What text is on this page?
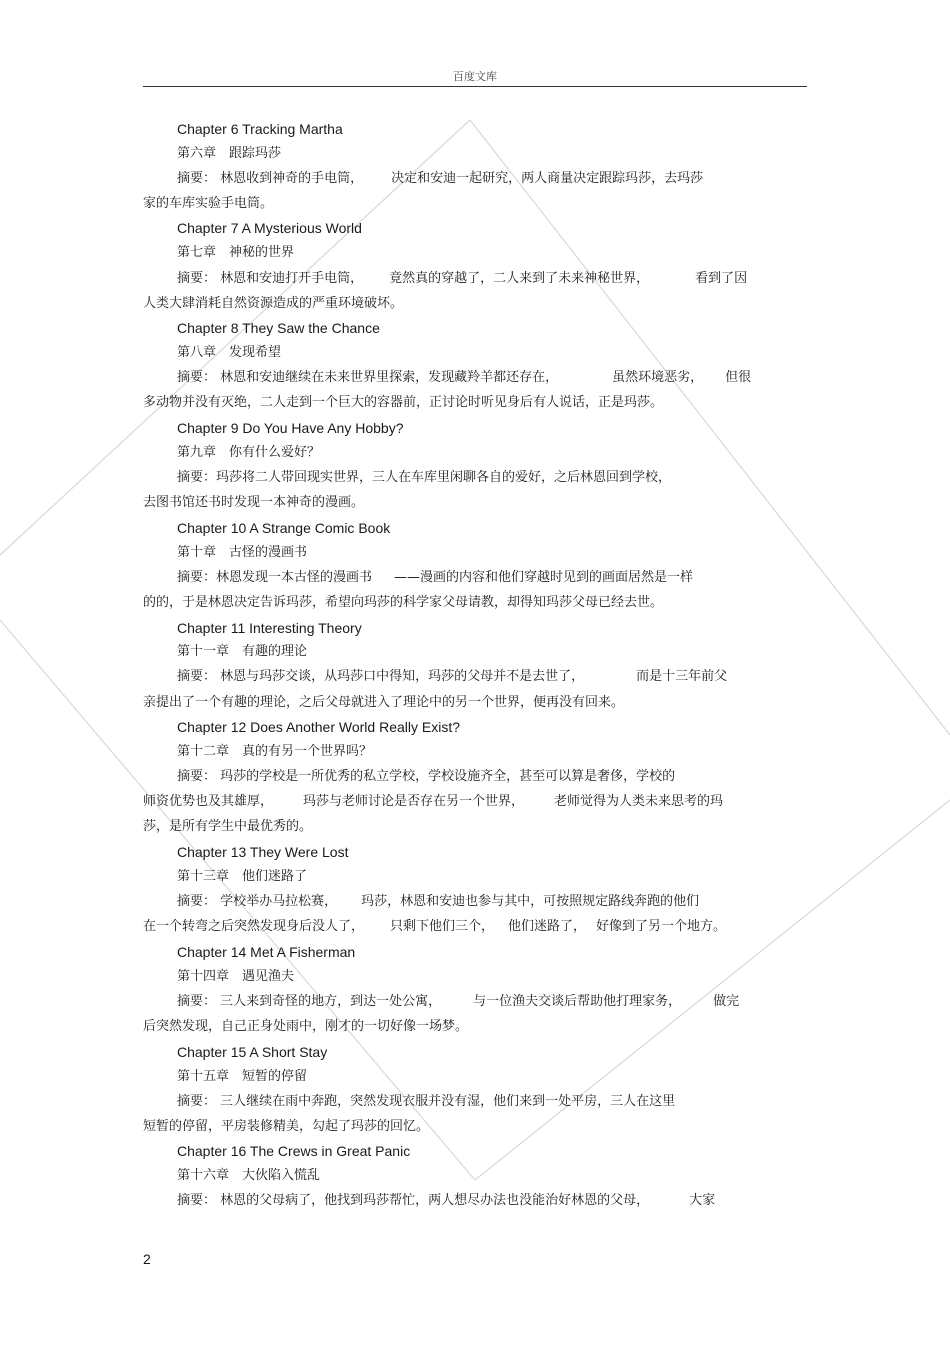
百度文库
Chapter 6 Tracking Martha
第六章　跟踪玛莎
摘要： 林恩收到神奇的手电筒， 决定和安迪一起研究，两人商量决定跟踪玛莎，去玛莎
家的车库实验手电筒。
Chapter 7 A Mysterious World
第七章　神秘的世界
摘要： 林恩和安迪打开手电筒， 竟然真的穿越了，二人来到了未来神秘世界，	看到了因
人类大肆消耗自然资源造成的严重环境破坏。
Chapter 8 They Saw the Chance
第八章　发现希望
摘要： 林恩和安迪继续在未来世界里探索，发现藏羚羊都还存在，	虽然环境恶劣， 但很
多动物并没有灭绝，二人走到一个巨大的容器前，正讨论时听见身后有人说话，正是玛莎。
Chapter 9 Do You Have Any Hobby?
第九章　你有什么爱好？
摘要：玛莎将二人带回现实世界，三人在车库里闲聊各自的爱好，之后林恩回到学校，
去图书馆还书时发现一本神奇的漫画。
Chapter 10 A Strange Comic Book
第十章　古怪的漫画书
摘要：林恩发现一本古怪的漫画书 ——漫画的内容和他们穿越时见到的画面居然是一样
的的，于是林恩决定告诉玛莎，希望向玛莎的科学家父母请教，却得知玛莎父母已经去世。
Chapter 11 Interesting Theory
第十一章　有趣的理论
摘要： 林恩与玛莎交谈，从玛莎口中得知，玛莎的父母并不是去世了，	而是十三年前父
亲提出了一个有趣的理论，之后父母就进入了理论中的另一个世界，便再没有回来。
Chapter 12 Does Another World Really Exist?
第十二章　真的有另一个世界吗？
摘要： 玛莎的学校是一所优秀的私立学校，学校设施齐全，甚至可以算是奢侈，学校的
师资优势也及其雄厚， 玛莎与老师讨论是否存在另一个世界， 老师觉得为人类未来思考的玛
莎，是所有学生中最优秀的。
Chapter 13 They Were Lost
第十三章　他们迷路了
摘要： 学校举办马拉松赛， 玛莎，林恩和安迪也参与其中，可按照规定路线奔跑的他们
在一个转弯之后突然发现身后没人了， 只剩下他们三个， 他们迷路了， 好像到了另一个地方。
Chapter 14 Met A Fisherman
第十四章　遇见渔夫
摘要： 三人来到奇怪的地方，到达一处公寓， 与一位渔夫交谈后帮助他打理家务， 做完
后突然发现，自己正身处雨中，刚才的一切好像一场梦。
Chapter 15 A Short Stay
第十五章　短暂的停留
摘要： 三人继续在雨中奔跑，突然发现衣服并没有湿，他们来到一处平房，三人在这里
短暂的停留，平房装修精美，勾起了玛莎的回忆。
Chapter 16 The Crews in Great Panic
第十六章　大伙陷入慌乱
摘要： 林恩的父母病了，他找到玛莎帮忙，两人想尽办法也没能治好林恩的父母，	大家
2
